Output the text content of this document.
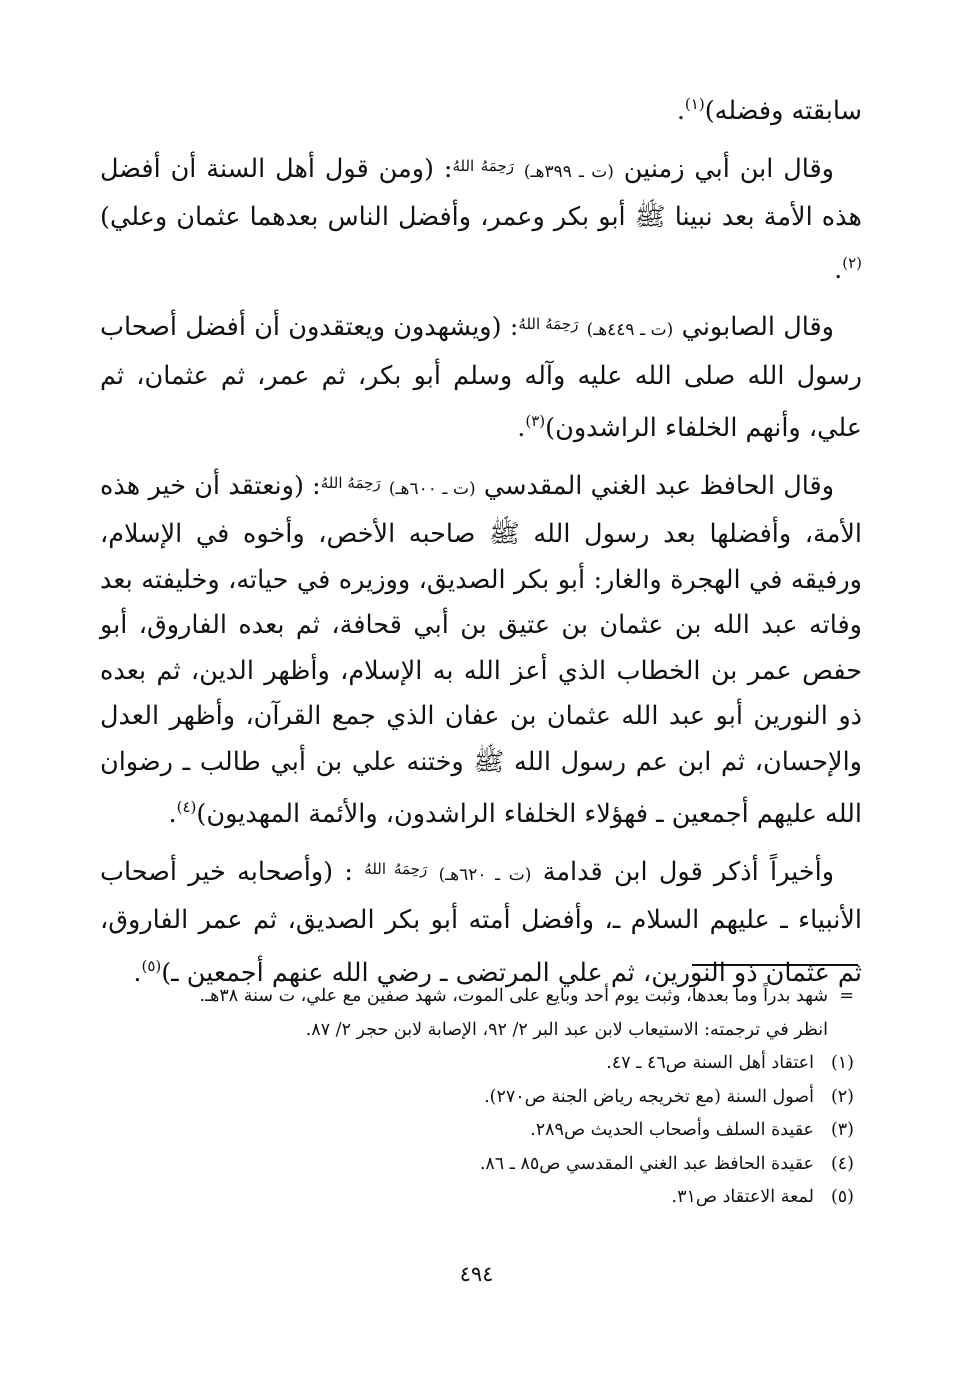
سابقته وفضله)$^{(١)}$.

وقال ابن أبي زمنين (ت ـ ٣٩٩هـ) $^{رَحِمَهُ اللهُ}$: (ومن قول أهل السنة أن أفضل هذه الأمة بعد نبينا ﷺ أبو بكر وعمر، وأفضل الناس بعدهما عثمان وعلي)$^{(٢)}$.

وقال الصابوني (ت ـ ٤٤٩هـ) $^{رَحِمَهُ اللهُ}$: (ويشهدون ويعتقدون أن أفضل أصحاب رسول الله صلى الله عليه وآله وسلم أبو بكر، ثم عمر، ثم عثمان، ثم علي، وأنهم الخلفاء الراشدون)$^{(٣)}$.

وقال الحافظ عبد الغني المقدسي (ت ـ ٦٠٠هـ) $^{رَحِمَهُ اللهُ}$: (ونعتقد أن خير هذه الأمة، وأفضلها بعد رسول الله ﷺ صاحبه الأخص، وأخوه في الإسلام، ورفيقه في الهجرة والغار: أبو بكر الصديق، ووزيره في حياته، وخليفته بعد وفاته عبد الله بن عثمان بن عتيق بن أبي قحافة، ثم بعده الفاروق، أبو حفص عمر بن الخطاب الذي أعز الله به الإسلام، وأظهر الدين، ثم بعده ذو النورين أبو عبد الله عثمان بن عفان الذي جمع القرآن، وأظهر العدل والإحسان، ثم ابن عم رسول الله ﷺ وختنه علي بن أبي طالب ـ رضوان الله عليهم أجمعين ـ فهؤلاء الخلفاء الراشدون، والأئمة المهديون)$^{(٤)}$.

وأخيراً أذكر قول ابن قدامة (ت ـ ٦٢٠هـ) $^{رَحِمَهُ اللهُ}$ : (وأصحابه خير أصحاب الأنبياء ـ عليهم السلام ـ، وأفضل أمته أبو بكر الصديق، ثم عمر الفاروق، ثم عثمان ذو النورين، ثم علي المرتضى ـ رضي الله عنهم أجمعين ـ)$^{(٥)}$.

=شهد بدراً وما بعدها، وثبت يوم أحد وبايع على الموت، شهد صفين مع علي، ت سنة ٣٨هـ.

انظر في ترجمته: الاستيعاب لابن عبد البر ٢/ ٩٢، الإصابة لابن حجر ٢/ ٨٧.

(١)اعتقاد أهل السنة ص٤٦ ـ ٤٧.

(٢)أصول السنة (مع تخريجه رياض الجنة ص٢٧٠).

(٣)عقيدة السلف وأصحاب الحديث ص٢٨٩.

(٤)عقيدة الحافظ عبد الغني المقدسي ص٨٥ ـ ٨٦.

(٥)لمعة الاعتقاد ص٣١.

٤٩٤
